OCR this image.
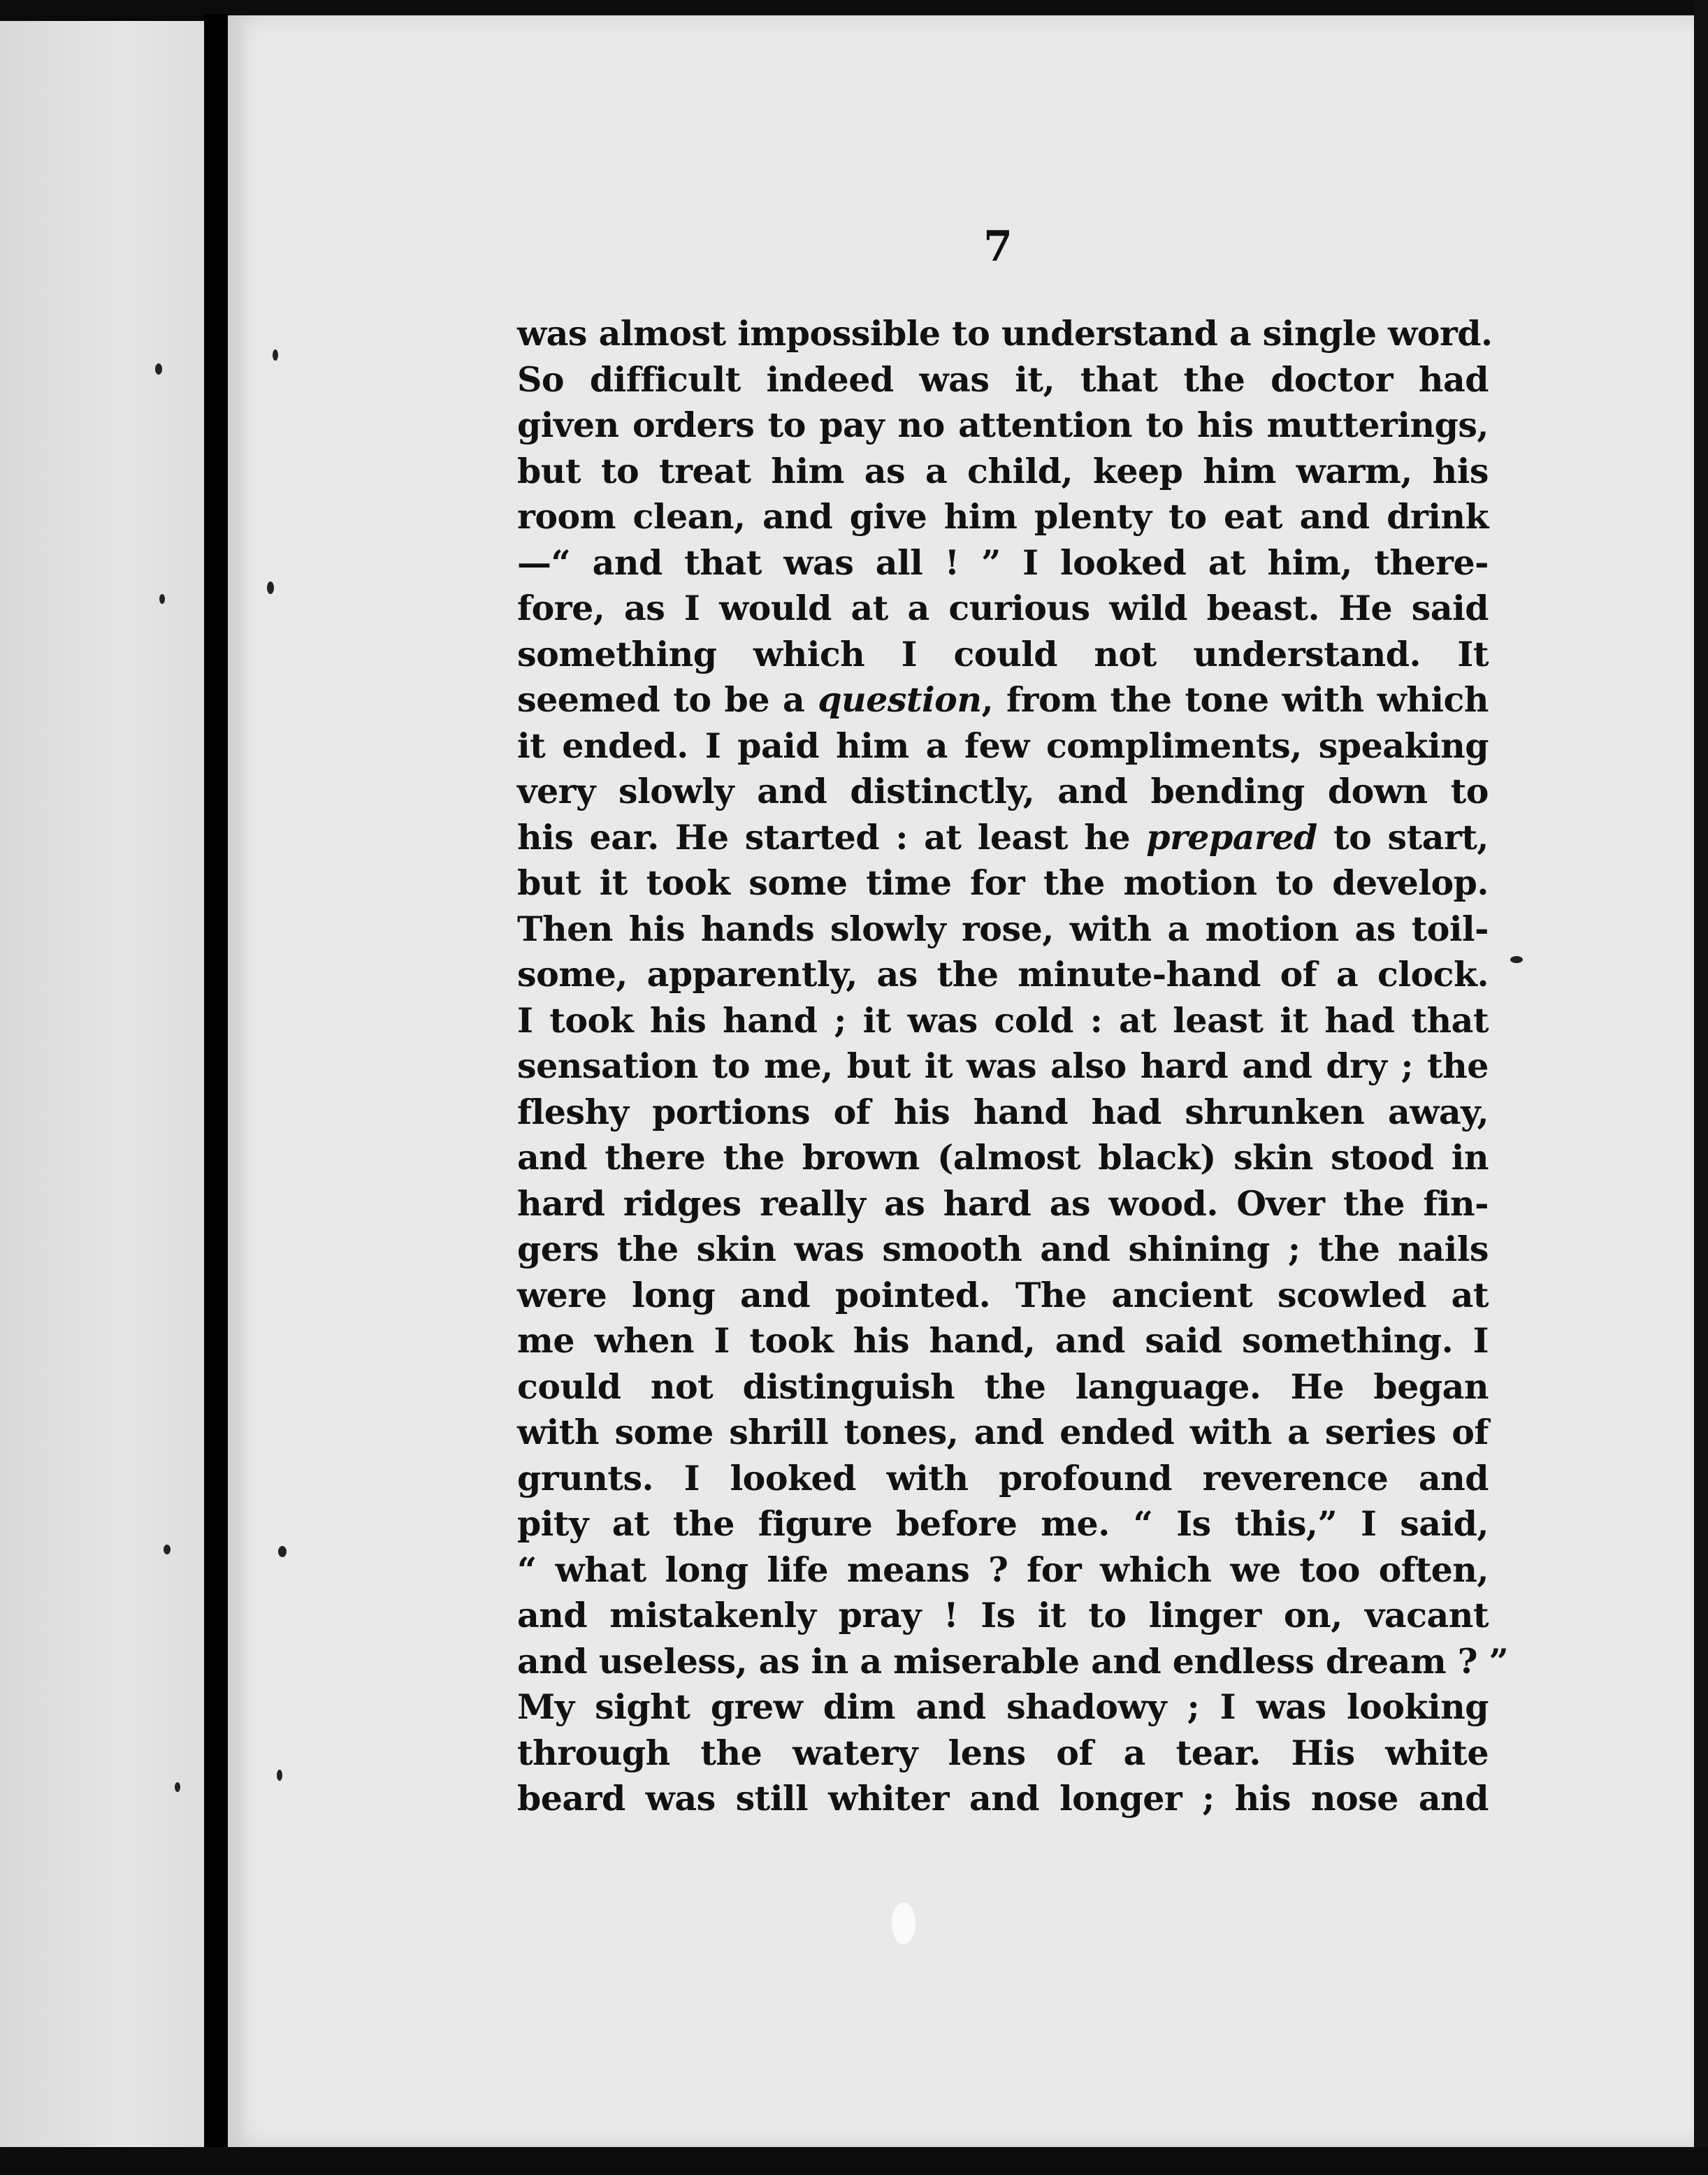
7
was almost impossible to understand a single word.
So difficult indeed was it, that the doctor had
given orders to pay no attention to his mutterings,
but to treat him as a child, keep him warm, his
room clean, and give him plenty to eat and drink
—“ and that was all ! ” I looked at him, there-
fore, as I would at a curious wild beast. He said
something which I could not understand. It
seemed to be a question, from the tone with which
it ended. I paid him a few compliments, speaking
very slowly and distinctly, and bending down to
his ear. He started : at least he prepared to start,
but it took some time for the motion to develop.
Then his hands slowly rose, with a motion as toil-
some, apparently, as the minute-hand of a clock.
I took his hand ; it was cold : at least it had that
sensation to me, but it was also hard and dry ; the
fleshy portions of his hand had shrunken away,
and there the brown (almost black) skin stood in
hard ridges really as hard as wood. Over the fin-
gers the skin was smooth and shining ; the nails
were long and pointed. The ancient scowled at
me when I took his hand, and said something. I
could not distinguish the language. He began
with some shrill tones, and ended with a series of
grunts. I looked with profound reverence and
pity at the figure before me. “ Is this,” I said,
“ what long life means ? for which we too often,
and mistakenly pray ! Is it to linger on, vacant
and useless, as in a miserable and endless dream ? ”
My sight grew dim and shadowy ; I was looking
through the watery lens of a tear. His white
beard was still whiter and longer ; his nose and
